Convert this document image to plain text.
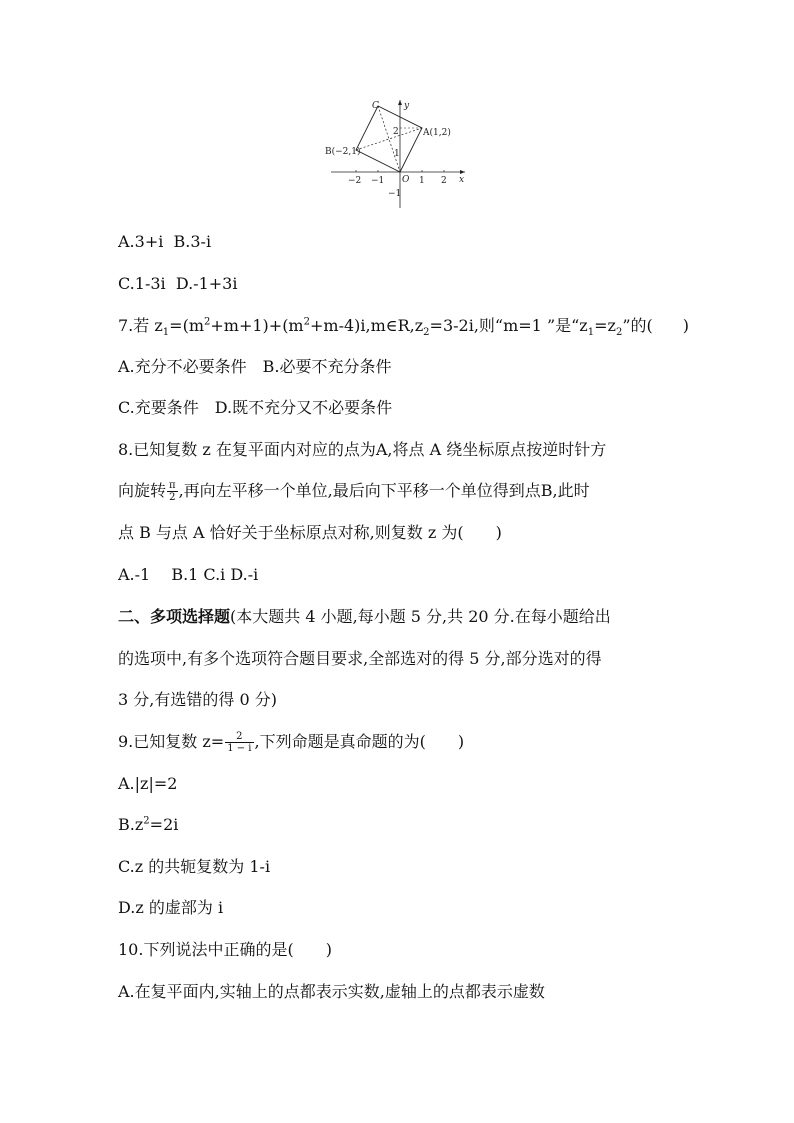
C	y
A(1,2)
B(−2,1)
O	x
2
1
−1
−2 −1	1 2
A.3+i B.3-i
C.1-3i D.-1+3i
7.若 $z_1=(m^2+m+1)+(m^2+m-4)i,m\in R,z_2=3-2i$,则“m=1 ”是“$z_1=z_2$”的( )
A.充分不必要条件　B.必要不充分条件
C.充要条件　D.既不充分又不必要条件
8.已知复数 z 在复平面内对应的点为A,将点 A 绕坐标原点按逆时针方
向旋转 $\frac{\pi}{2}$ ,再向左平移一个单位,最后向下平移一个单位得到点B,此时
点 B 与点 A 恰好关于坐标原点对称,则复数 z 为(　　)
A.-1　 B.1 C.i D.-i
二、多项选择题(本大题共 4 小题,每小题 5 分,共 20 分.在每小题给出
的选项中,有多个选项符合题目要求,全部选对的得 5 分,部分选对的得
3 分,有选错的得 0 分)
9.已知复数 $z= \frac{2}{1 - i}$ ,下列命题是真命题的为(　　)
A.|z|=2
$B.z^2=2i$
C.z 的共轭复数为 1-i
D.z 的虚部为 i
10.下列说法中正确的是(　　)
A.在复平面内,实轴上的点都表示实数,虚轴上的点都表示虚数
